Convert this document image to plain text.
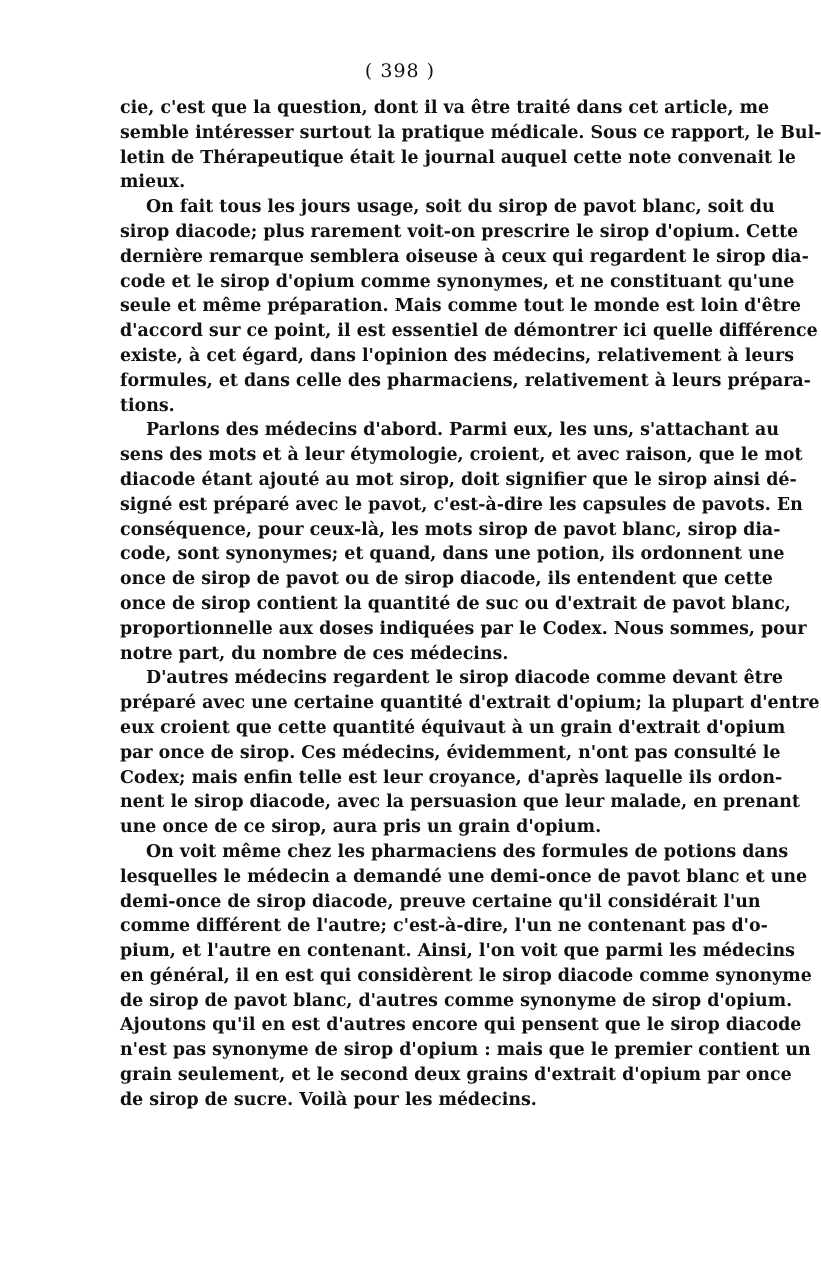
( 398 )

cie, c'est que la question, dont il va être traité dans cet article, me
semble intéresser surtout la pratique médicale. Sous ce rapport, le Bul-
letin de Thérapeutique était le journal auquel cette note convenait le
mieux.

On fait tous les jours usage, soit du sirop de pavot blanc, soit du
sirop diacode; plus rarement voit-on prescrire le sirop d'opium. Cette
dernière remarque semblera oiseuse à ceux qui regardent le sirop dia-
code et le sirop d'opium comme synonymes, et ne constituant qu'une
seule et même préparation. Mais comme tout le monde est loin d'être
d'accord sur ce point, il est essentiel de démontrer ici quelle différence
existe, à cet égard, dans l'opinion des médecins, relativement à leurs
formules, et dans celle des pharmaciens, relativement à leurs prépara-
tions.

Parlons des médecins d'abord. Parmi eux, les uns, s'attachant au
sens des mots et à leur étymologie, croient, et avec raison, que le mot
diacode étant ajouté au mot sirop, doit signifier que le sirop ainsi dé-
signé est préparé avec le pavot, c'est-à-dire les capsules de pavots. En
conséquence, pour ceux-là, les mots sirop de pavot blanc, sirop dia-
code, sont synonymes; et quand, dans une potion, ils ordonnent une
once de sirop de pavot ou de sirop diacode, ils entendent que cette
once de sirop contient la quantité de suc ou d'extrait de pavot blanc,
proportionnelle aux doses indiquées par le Codex. Nous sommes, pour
notre part, du nombre de ces médecins.

D'autres médecins regardent le sirop diacode comme devant être
préparé avec une certaine quantité d'extrait d'opium; la plupart d'entre
eux croient que cette quantité équivaut à un grain d'extrait d'opium
par once de sirop. Ces médecins, évidemment, n'ont pas consulté le
Codex; mais enfin telle est leur croyance, d'après laquelle ils ordon-
nent le sirop diacode, avec la persuasion que leur malade, en prenant
une once de ce sirop, aura pris un grain d'opium.

On voit même chez les pharmaciens des formules de potions dans
lesquelles le médecin a demandé une demi-once de pavot blanc et une
demi-once de sirop diacode, preuve certaine qu'il considérait l'un
comme différent de l'autre; c'est-à-dire, l'un ne contenant pas d'o-
pium, et l'autre en contenant. Ainsi, l'on voit que parmi les médecins
en général, il en est qui considèrent le sirop diacode comme synonyme
de sirop de pavot blanc, d'autres comme synonyme de sirop d'opium.
Ajoutons qu'il en est d'autres encore qui pensent que le sirop diacode
n'est pas synonyme de sirop d'opium : mais que le premier contient un
grain seulement, et le second deux grains d'extrait d'opium par once
de sirop de sucre. Voilà pour les médecins.
